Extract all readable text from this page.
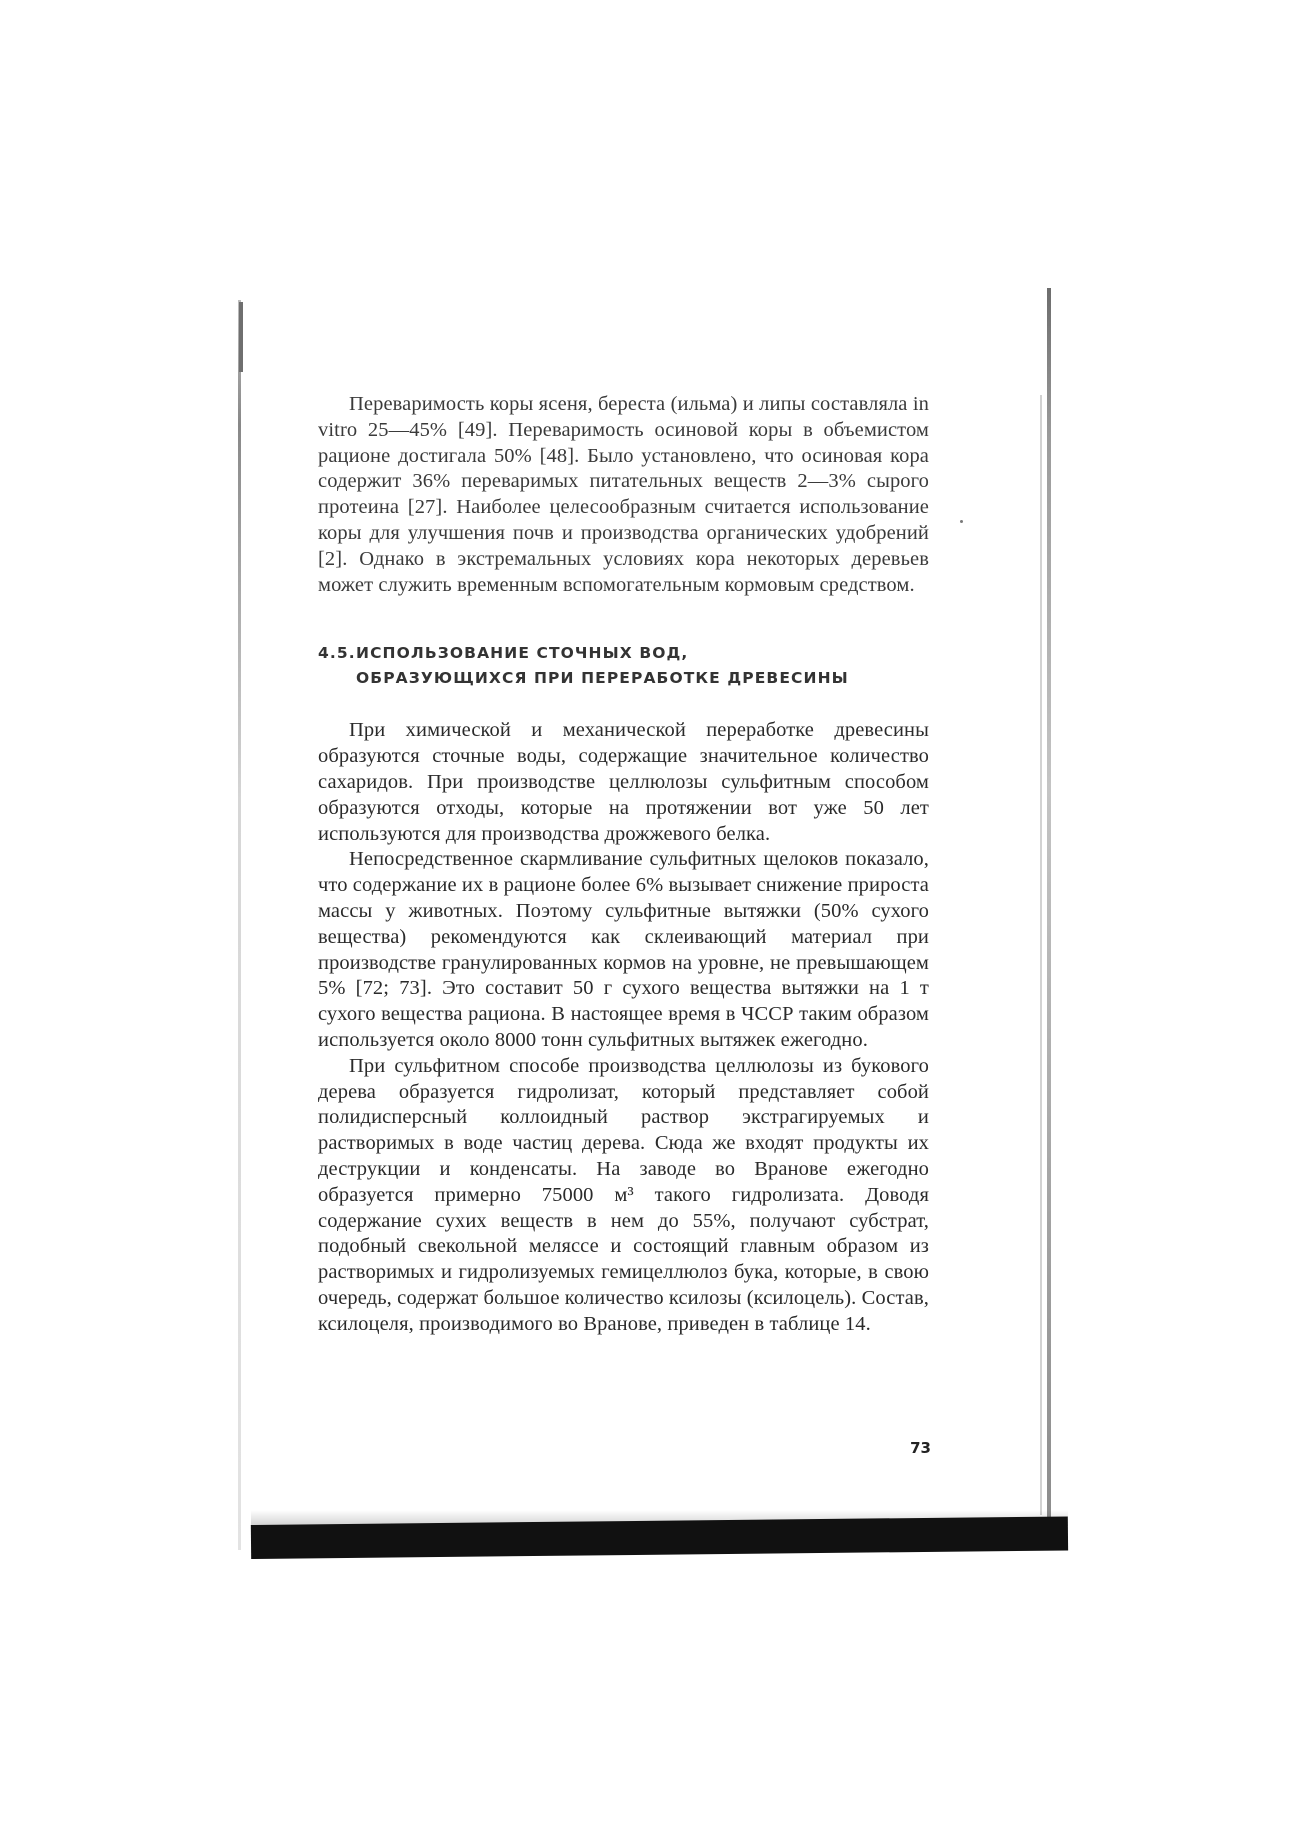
Переваримость коры ясеня, береста (ильма) и липы составляла in vitro 25—45% [49]. Переваримость осиновой коры в объемистом рационе достигала 50% [48]. Было установлено, что осиновая кора содержит 36% переваримых питательных веществ 2—3% сырого протеина [27]. Наиболее целесообразным считается использование коры для улучшения почв и производства органических удобрений [2]. Однако в экстремальных условиях кора некоторых деревьев может служить временным вспомогательным кормовым средством.

4.5.ИСПОЛЬЗОВАНИЕ СТОЧНЫХ ВОД,
ОБРАЗУЮЩИХСЯ ПРИ ПЕРЕРАБОТКЕ ДРЕВЕСИНЫ

При химической и механической переработке древесины образуются сточные воды, содержащие значительное количество сахаридов. При производстве целлюлозы сульфитным способом образуются отходы, которые на протяжении вот уже 50 лет используются для производства дрожжевого белка.

Непосредственное скармливание сульфитных щелоков показало, что содержание их в рационе более 6% вызывает снижение прироста массы у животных. Поэтому сульфитные вытяжки (50% сухого вещества) рекомендуются как склеивающий материал при производстве гранулированных кормов на уровне, не превышающем 5% [72; 73]. Это составит 50 г сухого вещества вытяжки на 1 т сухого вещества рациона. В настоящее время в ЧССР таким образом используется около 8000 тонн сульфитных вытяжек ежегодно.

При сульфитном способе производства целлюлозы из букового дерева образуется гидролизат, который представляет собой полидисперсный коллоидный раствор экстрагируемых и растворимых в воде частиц дерева. Сюда же входят продукты их деструкции и конденсаты. На заводе во Вранове ежегодно образуется примерно 75000 м³ такого гидролизата. Доводя содержание сухих веществ в нем до 55%, получают субстрат, подобный свекольной меляссе и состоящий главным образом из растворимых и гидролизуемых гемицеллюлоз бука, которые, в свою очередь, содержат большое количество ксилозы (ксилоцель). Состав, ксилоцеля, производимого во Вранове, приведен в таблице 14.

73
